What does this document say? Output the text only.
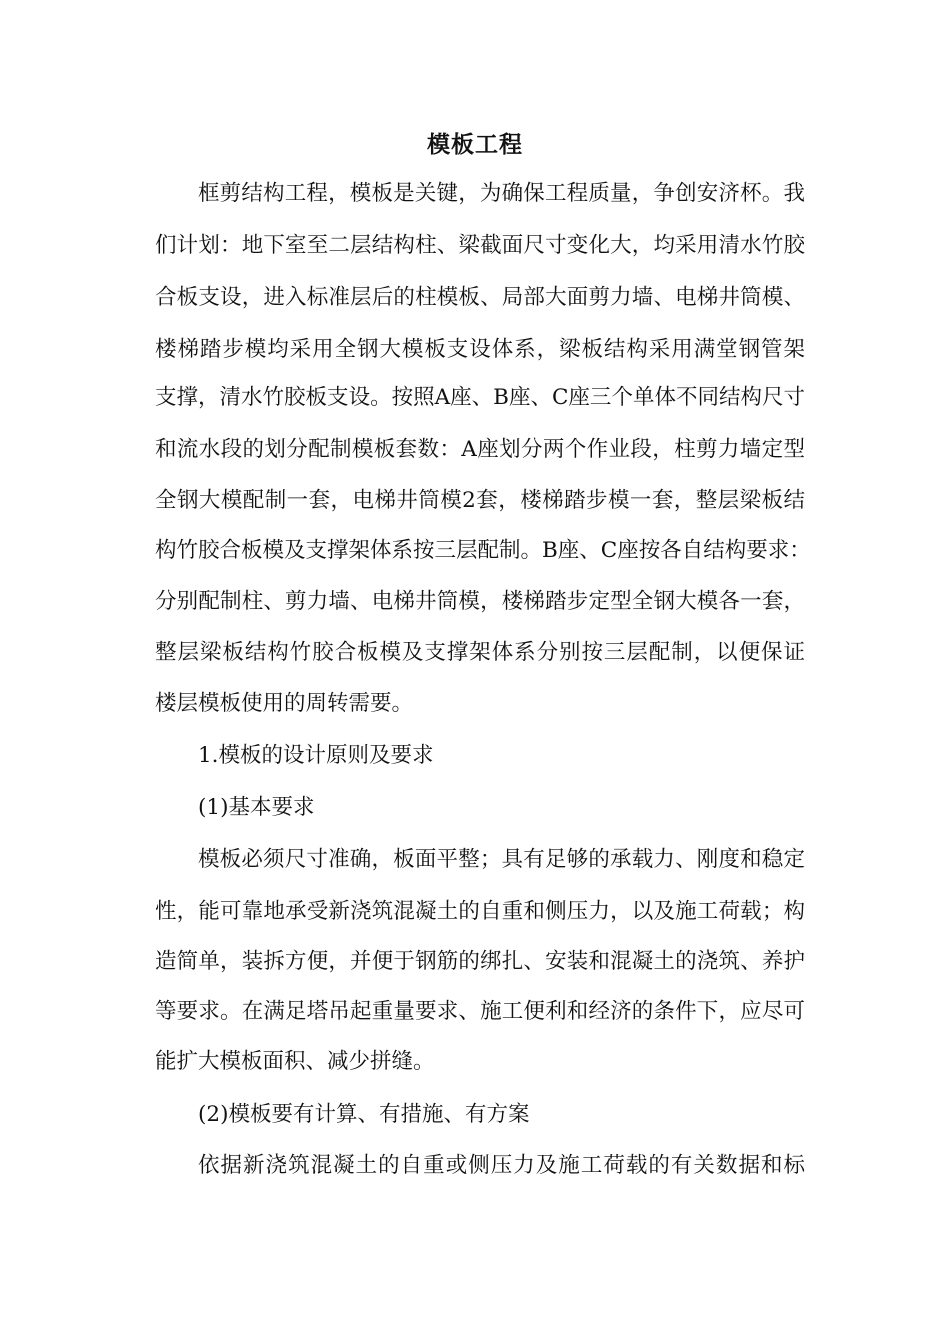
模板工程
框剪结构工程，模板是关键，为确保工程质量，争创安济杯。我
们计划：地下室至二层结构柱、梁截面尺寸变化大，均采用清水竹胶
合板支设，进入标准层后的柱模板、局部大面剪力墙、电梯井筒模、
楼梯踏步模均采用全钢大模板支设体系，梁板结构采用满堂钢管架
支撑，清水竹胶板支设。按照A座、B座、C座三个单体不同结构尺寸
和流水段的划分配制模板套数：A座划分两个作业段，柱剪力墙定型
全钢大模配制一套，电梯井筒模2套，楼梯踏步模一套，整层梁板结
构竹胶合板模及支撑架体系按三层配制。B座、C座按各自结构要求：
分别配制柱、剪力墙、电梯井筒模，楼梯踏步定型全钢大模各一套，
整层梁板结构竹胶合板模及支撑架体系分别按三层配制，以便保证
楼层模板使用的周转需要。
1.模板的设计原则及要求
(1)基本要求
模板必须尺寸准确，板面平整；具有足够的承载力、刚度和稳定
性，能可靠地承受新浇筑混凝土的自重和侧压力，以及施工荷载；构
造简单，装拆方便，并便于钢筋的绑扎、安装和混凝土的浇筑、养护
等要求。在满足塔吊起重量要求、施工便利和经济的条件下，应尽可
能扩大模板面积、减少拼缝。
(2)模板要有计算、有措施、有方案
依据新浇筑混凝土的自重或侧压力及施工荷载的有关数据和标
